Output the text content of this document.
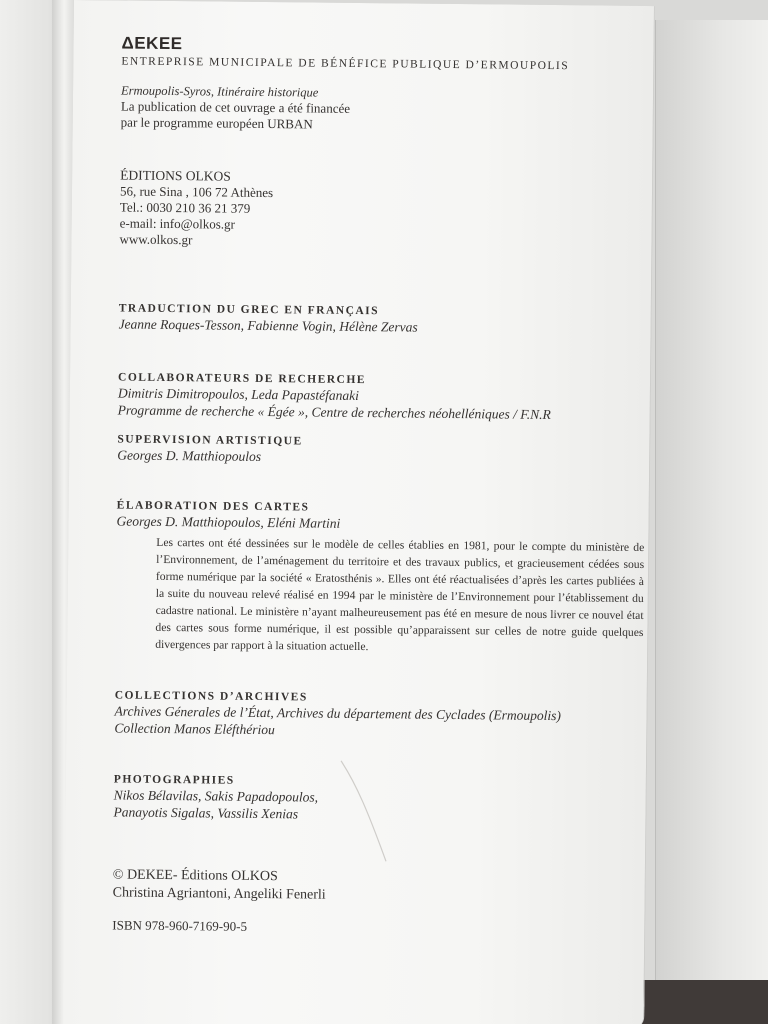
ΔΕΚΕΕ
ENTREPRISE MUNICIPALE DE BÉNÉFICE PUBLIQUE D’ERMOUPOLIS
Ermoupolis-Syros, Itinéraire historique
La publication de cet ouvrage a été financée
par le programme européen URBAN
ÉDITIONS OLKOS
56, rue Sina , 106 72 Athènes
Tel.: 0030 210 36 21 379
e-mail: info@olkos.gr
www.olkos.gr
TRADUCTION DU GREC EN FRANÇAIS
Jeanne Roques-Tesson, Fabienne Vogin, Hélène Zervas
COLLABORATEURS DE RECHERCHE
Dimitris Dimitropoulos, Leda Papastéfanaki
Programme de recherche « Égée », Centre de recherches néohelléniques / F.N.R
SUPERVISION ARTISTIQUE
Georges D. Matthiopoulos
ÉLABORATION DES CARTES
Georges D. Matthiopoulos, Eléni Martini
Les cartes ont été dessinées sur le modèle de celles établies en 1981, pour le compte du ministère de l’Environnement, de l’aménagement du territoire et des travaux publics, et gracieusement cédées sous forme numérique par la société « Eratosthénis ». Elles ont été réactualisées d’après les cartes publiées à la suite du nouveau relevé réalisé en 1994 par le ministère de l’Environnement pour l’établissement du cadastre national. Le ministère n’ayant malheureusement pas été en mesure de nous livrer ce nouvel état des cartes sous forme numérique, il est possible qu’apparaissent sur celles de notre guide quelques divergences par rapport à la situation actuelle.
COLLECTIONS D’ARCHIVES
Archives Génerales de l’État, Archives du département des Cyclades (Ermoupolis)
Collection Manos Eléfthériou
PHOTOGRAPHIES
Nikos Bélavilas, Sakis Papadopoulos,
Panayotis Sigalas, Vassilis Xenias
© DEKEE- Éditions OLKOS
Christina Agriantoni, Angeliki Fenerli
ISBN 978-960-7169-90-5
